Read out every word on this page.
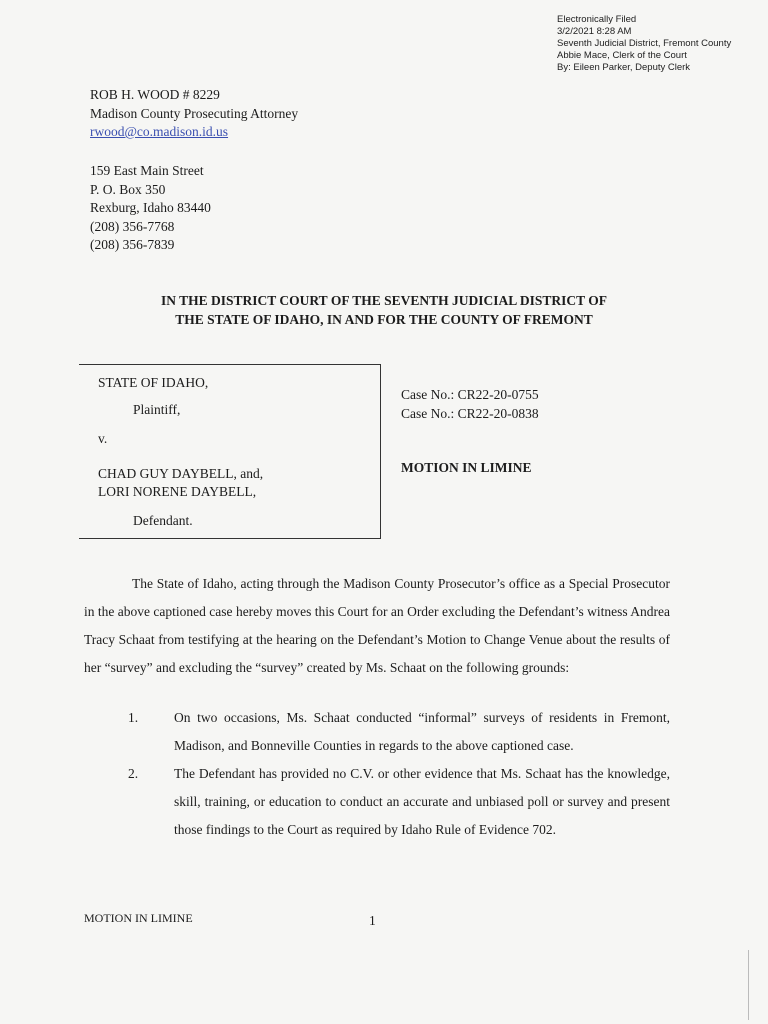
Electronically Filed
3/2/2021 8:28 AM
Seventh Judicial District, Fremont County
Abbie Mace, Clerk of the Court
By: Eileen Parker, Deputy Clerk
ROB H. WOOD # 8229
Madison County Prosecuting Attorney
rwood@co.madison.id.us
159 East Main Street
P. O. Box 350
Rexburg, Idaho 83440
(208) 356-7768
(208) 356-7839
IN THE DISTRICT COURT OF THE SEVENTH JUDICIAL DISTRICT OF
THE STATE OF IDAHO, IN AND FOR THE COUNTY OF FREMONT
STATE OF IDAHO,
Plaintiff,
v.
CHAD GUY DAYBELL, and,
LORI NORENE DAYBELL,
Defendant.
Case No.: CR22-20-0755
Case No.: CR22-20-0838
MOTION IN LIMINE
The State of Idaho, acting through the Madison County Prosecutor’s office as a Special Prosecutor in the above captioned case hereby moves this Court for an Order excluding the Defendant’s witness Andrea Tracy Schaat from testifying at the hearing on the Defendant’s Motion to Change Venue about the results of her “survey” and excluding the “survey” created by Ms. Schaat on the following grounds:
1.	On two occasions, Ms. Schaat conducted “informal” surveys of residents in Fremont, Madison, and Bonneville Counties in regards to the above captioned case.
2.	The Defendant has provided no C.V. or other evidence that Ms. Schaat has the knowledge, skill, training, or education to conduct an accurate and unbiased poll or survey and present those findings to the Court as required by Idaho Rule of Evidence 702.
MOTION IN LIMINE	1
